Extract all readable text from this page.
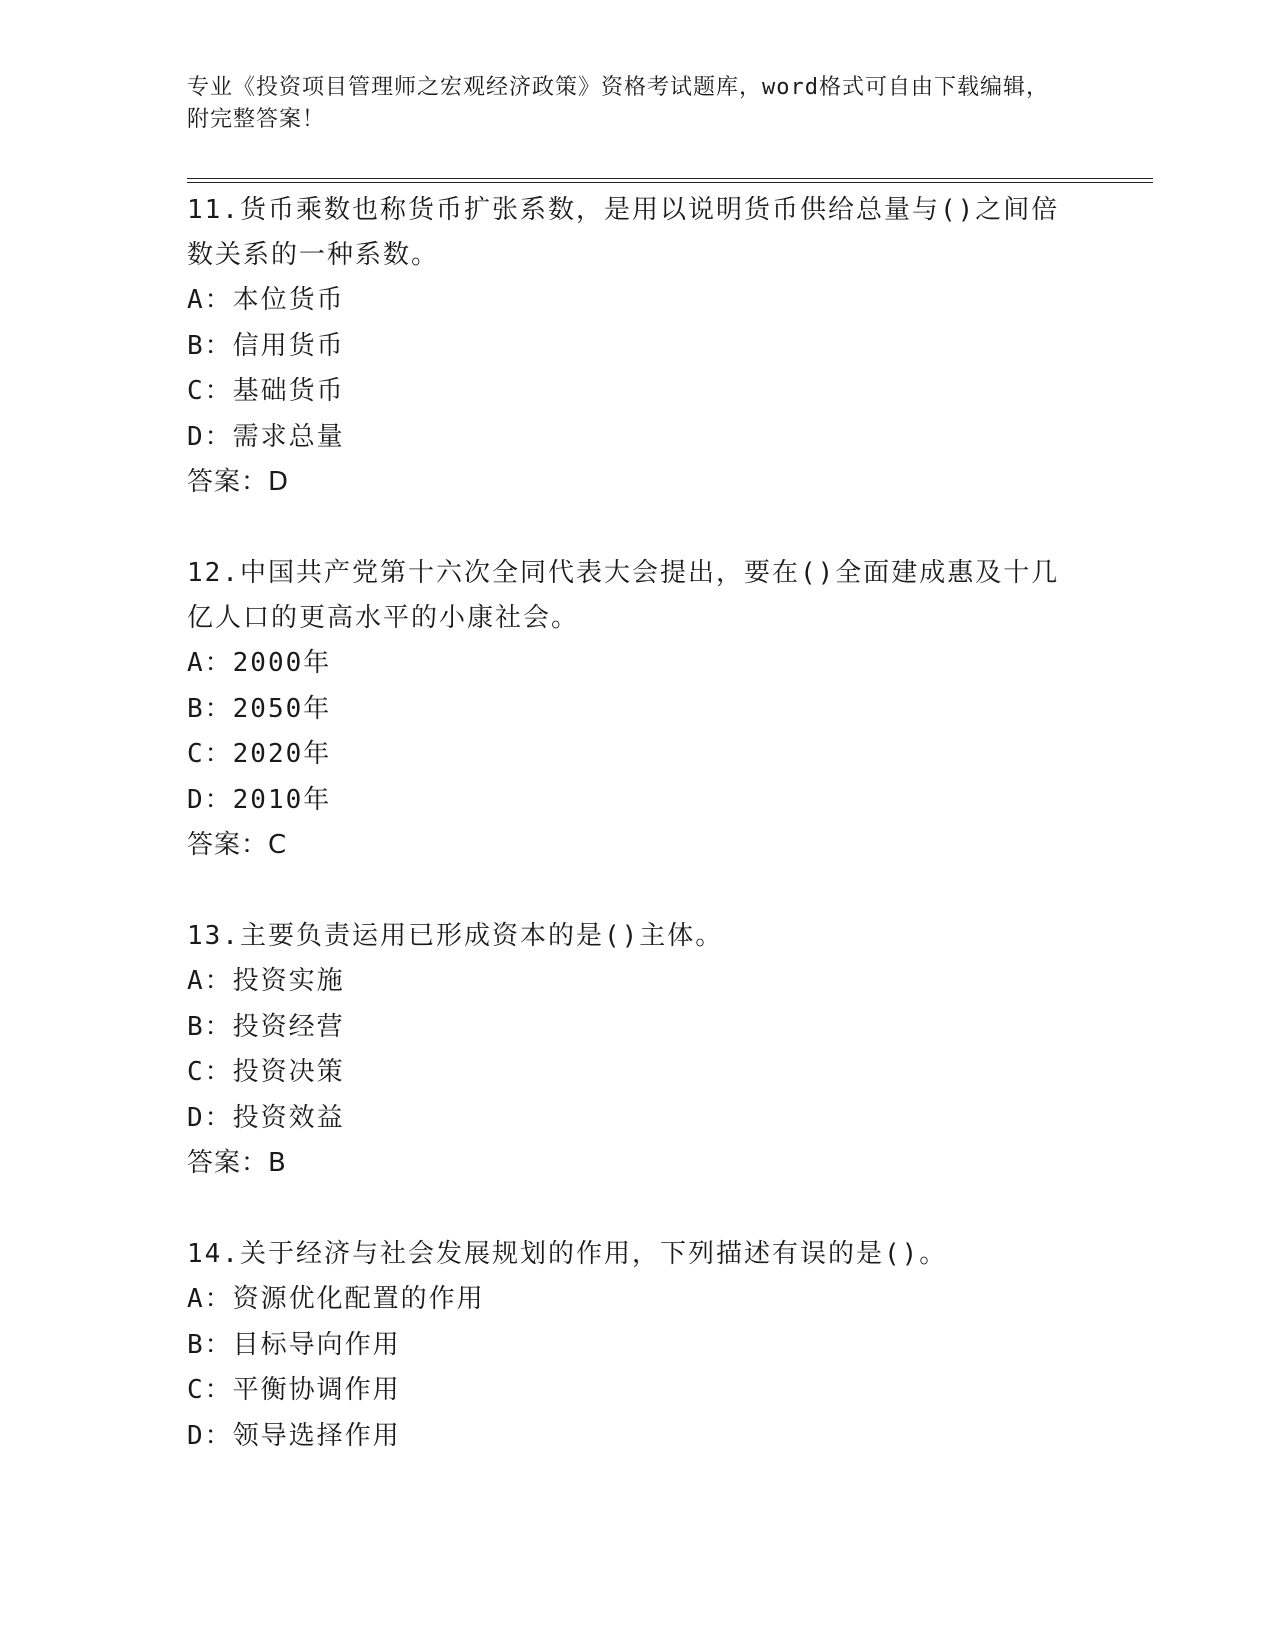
专业《投资项目管理师之宏观经济政策》资格考试题库，word格式可自由下载编辑，附完整答案！
11.货币乘数也称货币扩张系数，是用以说明货币供给总量与()之间倍数关系的一种系数。
A：本位货币
B：信用货币
C：基础货币
D：需求总量
答案：D
12.中国共产党第十六次全同代表大会提出，要在()全面建成惠及十几亿人口的更高水平的小康社会。
A：2000年
B：2050年
C：2020年
D：2010年
答案：C
13.主要负责运用已形成资本的是()主体。
A：投资实施
B：投资经营
C：投资决策
D：投资效益
答案：B
14.关于经济与社会发展规划的作用，下列描述有误的是()。
A：资源优化配置的作用
B：目标导向作用
C：平衡协调作用
D：领导选择作用
